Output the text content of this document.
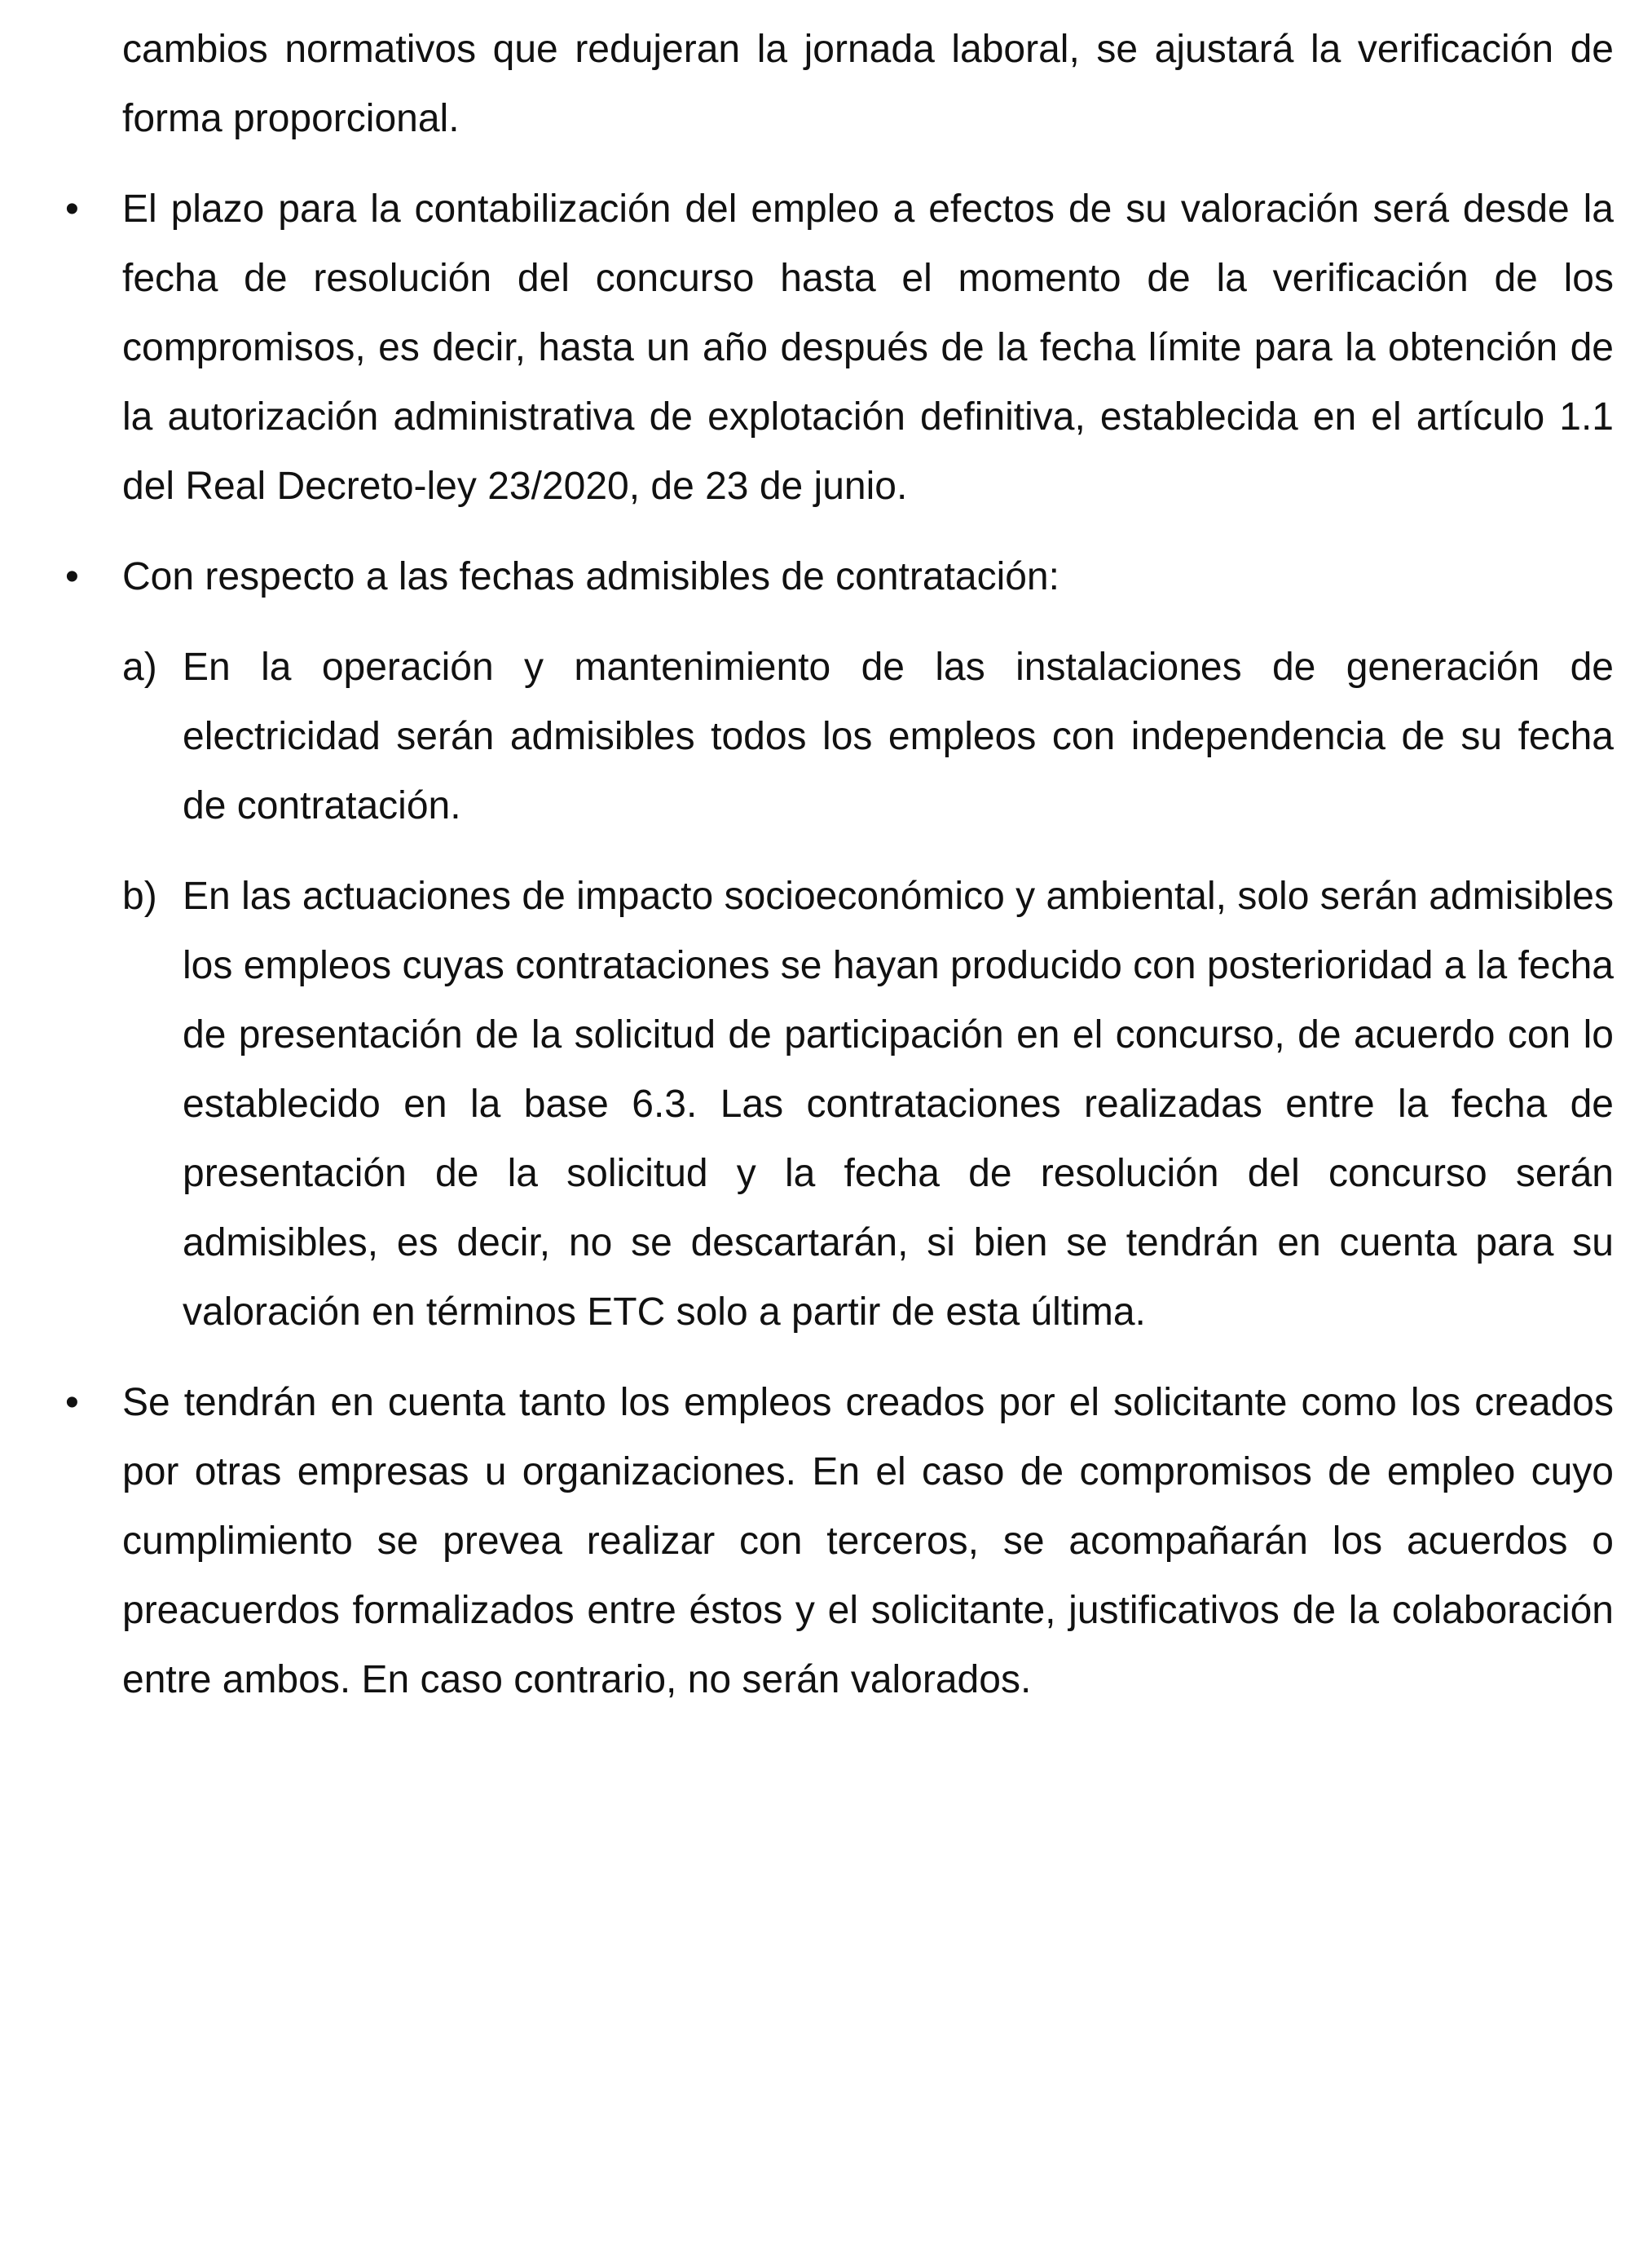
cambios normativos que redujeran la jornada laboral, se ajustará la verificación de forma proporcional.

•	El plazo para la contabilización del empleo a efectos de su valoración será desde la fecha de resolución del concurso hasta el momento de la verificación de los compromisos, es decir, hasta un año después de la fecha límite para la obtención de la autorización administrativa de explotación definitiva, establecida en el artículo 1.1 del Real Decreto-ley 23/2020, de 23 de junio.

•	Con respecto a las fechas admisibles de contratación:

a) En la operación y mantenimiento de las instalaciones de generación de electricidad serán admisibles todos los empleos con independencia de su fecha de contratación.

b) En las actuaciones de impacto socioeconómico y ambiental, solo serán admisibles los empleos cuyas contrataciones se hayan producido con posterioridad a la fecha de presentación de la solicitud de participación en el concurso, de acuerdo con lo establecido en la base 6.3. Las contrataciones realizadas entre la fecha de presentación de la solicitud y la fecha de resolución del concurso serán admisibles, es decir, no se descartarán, si bien se tendrán en cuenta para su valoración en términos ETC solo a partir de esta última.

•	Se tendrán en cuenta tanto los empleos creados por el solicitante como los creados por otras empresas u organizaciones. En el caso de compromisos de empleo cuyo cumplimiento se prevea realizar con terceros, se acompañarán los acuerdos o preacuerdos formalizados entre éstos y el solicitante, justificativos de la colaboración entre ambos. En caso contrario, no serán valorados.
